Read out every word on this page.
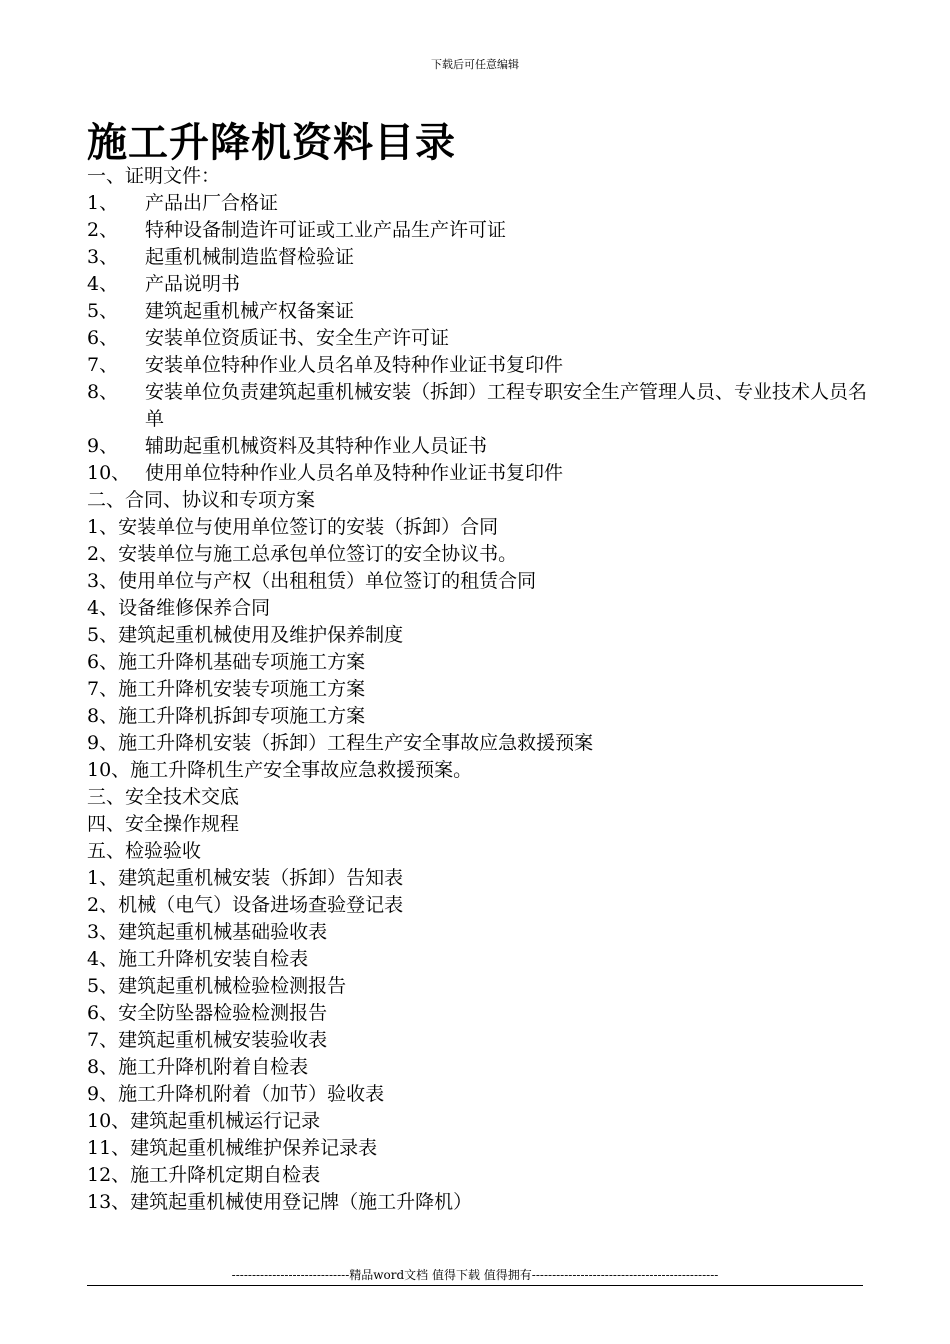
下载后可任意编辑
施工升降机资料目录
一、证明文件：
1、	产品出厂合格证
2、	特种设备制造许可证或工业产品生产许可证
3、	起重机械制造监督检验证
4、	产品说明书
5、	建筑起重机械产权备案证
6、	安装单位资质证书、安全生产许可证
7、	安装单位特种作业人员名单及特种作业证书复印件
8、	安装单位负责建筑起重机械安装（拆卸）工程专职安全生产管理人员、专业技术人员名单
9、	辅助起重机械资料及其特种作业人员证书
10、 使用单位特种作业人员名单及特种作业证书复印件
二、合同、协议和专项方案
1、安装单位与使用单位签订的安装（拆卸）合同
2、安装单位与施工总承包单位签订的安全协议书。
3、使用单位与产权（出租租赁）单位签订的租赁合同
4、设备维修保养合同
5、建筑起重机械使用及维护保养制度
6、施工升降机基础专项施工方案
7、施工升降机安装专项施工方案
8、施工升降机拆卸专项施工方案
9、施工升降机安装（拆卸）工程生产安全事故应急救援预案
10、施工升降机生产安全事故应急救援预案。
三、安全技术交底
四、安全操作规程
五、检验验收
1、建筑起重机械安装（拆卸）告知表
2、机械（电气）设备进场查验登记表
3、建筑起重机械基础验收表
4、施工升降机安装自检表
5、建筑起重机械检验检测报告
6、安全防坠器检验检测报告
7、建筑起重机械安装验收表
8、施工升降机附着自检表
9、施工升降机附着（加节）验收表
10、建筑起重机械运行记录
11、建筑起重机械维护保养记录表
12、施工升降机定期自检表
13、建筑起重机械使用登记牌（施工升降机）
-----------------------------精品word文档 值得下载 值得拥有----------------------------------------------
